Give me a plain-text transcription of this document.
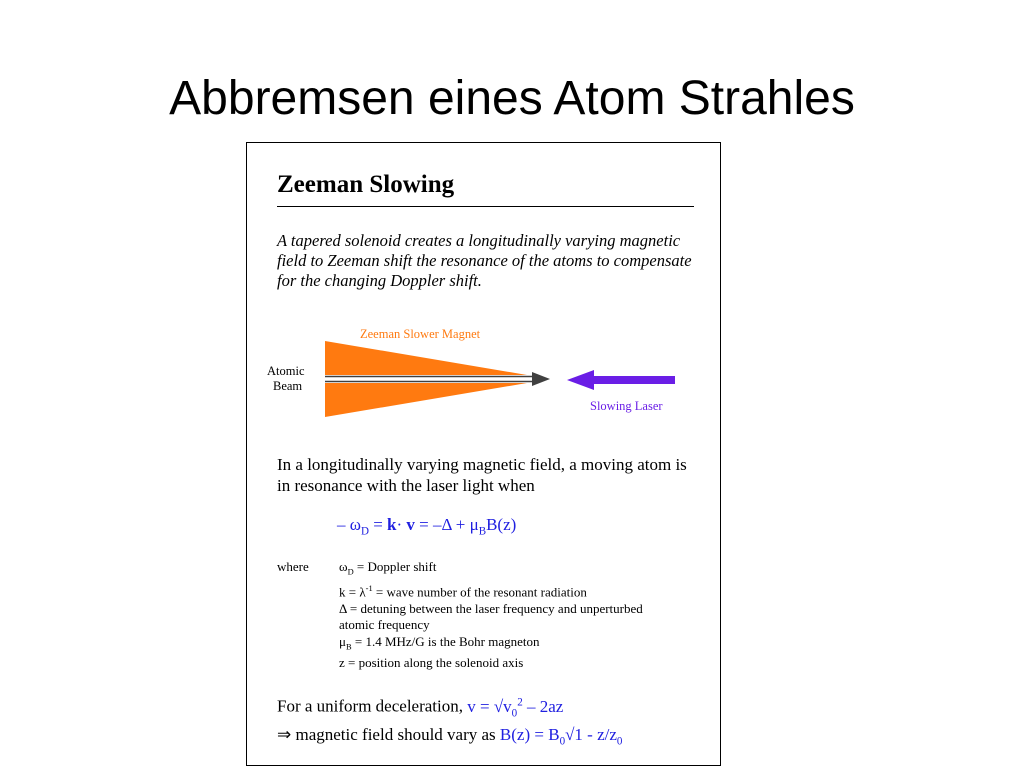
Abbremsen eines Atom Strahles
Zeeman Slowing
A tapered solenoid creates a longitudinally varying magnetic field to Zeeman shift the resonance of the atoms to compensate for the changing Doppler shift.
Zeeman Slower Magnet
Atomic
Beam
Slowing Laser
In a longitudinally varying magnetic field, a moving atom is in resonance with the laser light when
– $\omega_D = k\cdot v = -\Delta + \mu_BB(z)$
where $\omega_D$ = Doppler shift
$k = \lambda^{-1}$ = wave number of the resonant radiation
Δ = detuning between the laser frequency and unperturbed
atomic frequency
$\mu_B = 1.4$ MHz/G is the Bohr magneton
z = position along the solenoid axis
For a uniform deceleration, $v = √v_0^2 - 2az$
⇒ magnetic field should vary as $B(z) = B_0√1 - z/z_0$
